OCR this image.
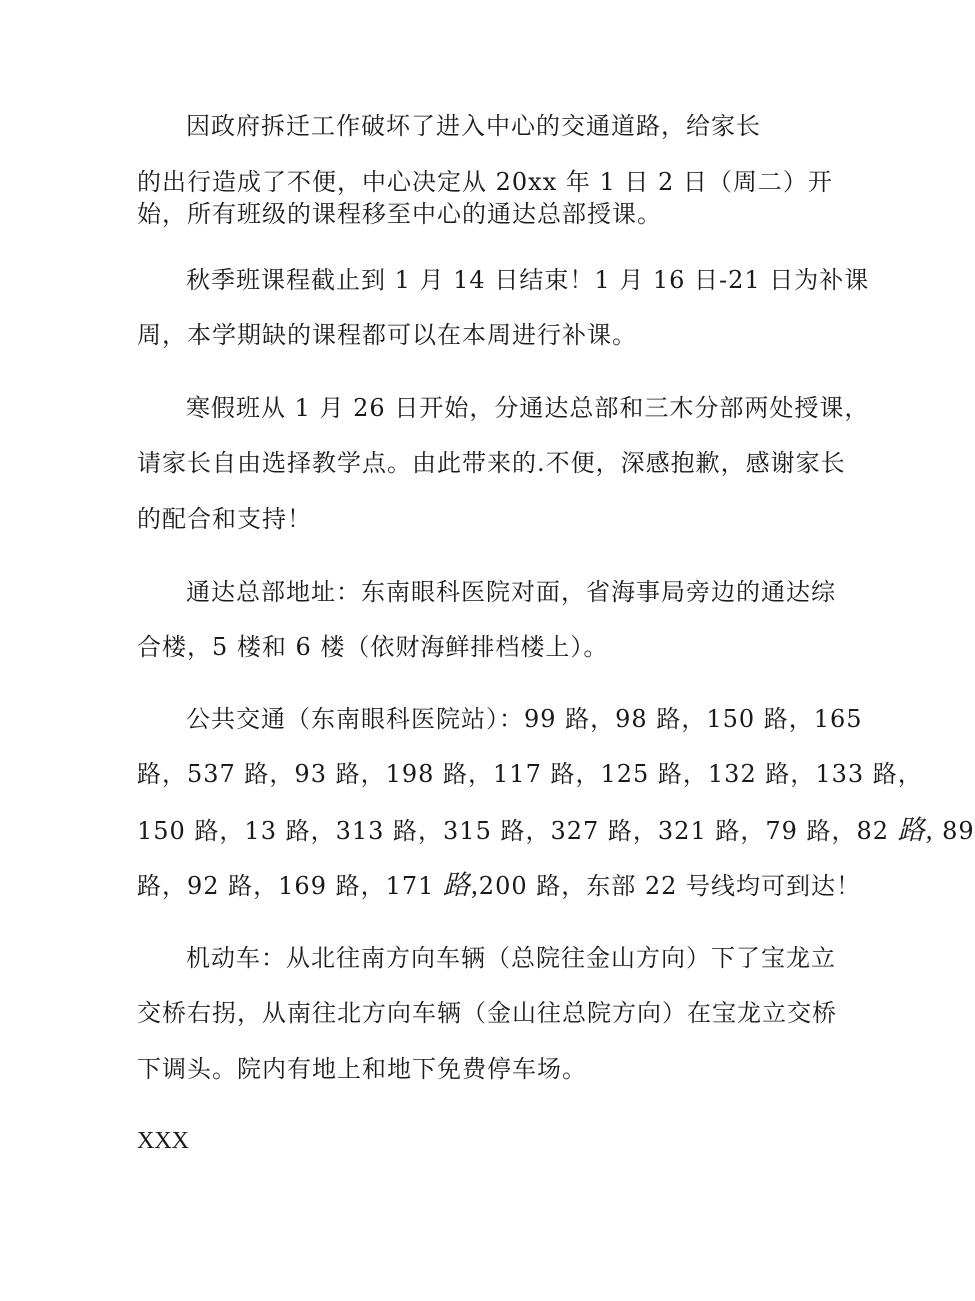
因政府拆迁工作破坏了进入中心的交通道路，给家长
的出行造成了不便，中心决定从 20xx 年 1 日 2 日（周二）开
始，所有班级的课程移至中心的通达总部授课。
秋季班课程截止到 1 月 14 日结束！1 月 16 日-21 日为补课
周，本学期缺的课程都可以在本周进行补课。
寒假班从 1 月 26 日开始，分通达总部和三木分部两处授课，
请家长自由选择教学点。由此带来的.不便，深感抱歉，感谢家长
的配合和支持！
通达总部地址：东南眼科医院对面，省海事局旁边的通达综
合楼，5 楼和 6 楼（依财海鲜排档楼上）。
公共交通（东南眼科医院站）：99 路，98 路，150 路，165
路，537 路，93 路，198 路，117 路，125 路，132 路，133 路，
150 路，13 路，313 路，315 路，327 路，321 路，79 路，82 路, 89
路，92 路，169 路，171 路,200 路，东部 22 号线均可到达！
机动车：从北往南方向车辆（总院往金山方向）下了宝龙立
交桥右拐，从南往北方向车辆（金山往总院方向）在宝龙立交桥
下调头。院内有地上和地下免费停车场。
XXX
